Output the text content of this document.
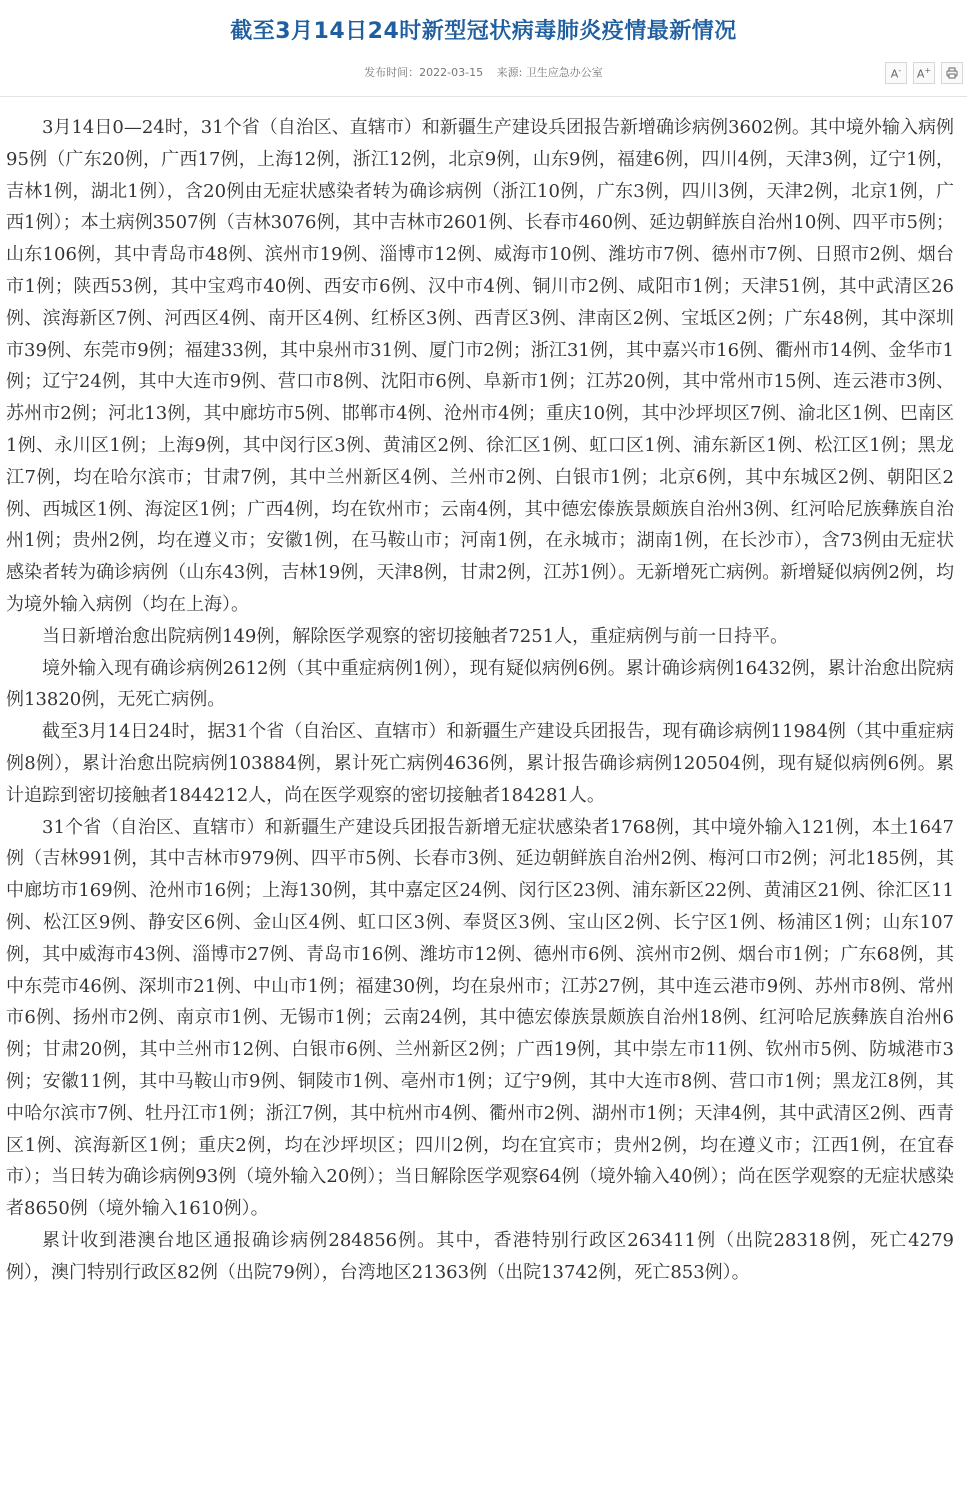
截至3月14日24时新型冠状病毒肺炎疫情最新情况
发布时间：2022-03-15 来源: 卫生应急办公室	A- A+

3月14日0—24时，31个省（自治区、直辖市）和新疆生产建设兵团报告新增确诊病例3602例。其中境外输入病例95例（广东20例，广西17例，上海12例，浙江12例，北京9例，山东9例，福建6例，四川4例，天津3例，辽宁1例，吉林1例，湖北1例），含20例由无症状感染者转为确诊病例（浙江10例，广东3例，四川3例，天津2例，北京1例，广西1例）；本土病例3507例（吉林3076例，其中吉林市2601例、长春市460例、延边朝鲜族自治州10例、四平市5例；山东106例，其中青岛市48例、滨州市19例、淄博市12例、威海市10例、潍坊市7例、德州市7例、日照市2例、烟台市1例；陕西53例，其中宝鸡市40例、西安市6例、汉中市4例、铜川市2例、咸阳市1例；天津51例，其中武清区26例、滨海新区7例、河西区4例、南开区4例、红桥区3例、西青区3例、津南区2例、宝坻区2例；广东48例，其中深圳市39例、东莞市9例；福建33例，其中泉州市31例、厦门市2例；浙江31例，其中嘉兴市16例、衢州市14例、金华市1例；辽宁24例，其中大连市9例、营口市8例、沈阳市6例、阜新市1例；江苏20例，其中常州市15例、连云港市3例、苏州市2例；河北13例，其中廊坊市5例、邯郸市4例、沧州市4例；重庆10例，其中沙坪坝区7例、渝北区1例、巴南区1例、永川区1例；上海9例，其中闵行区3例、黄浦区2例、徐汇区1例、虹口区1例、浦东新区1例、松江区1例；黑龙江7例，均在哈尔滨市；甘肃7例，其中兰州新区4例、兰州市2例、白银市1例；北京6例，其中东城区2例、朝阳区2例、西城区1例、海淀区1例；广西4例，均在钦州市；云南4例，其中德宏傣族景颇族自治州3例、红河哈尼族彝族自治州1例；贵州2例，均在遵义市；安徽1例，在马鞍山市；河南1例，在永城市；湖南1例，在长沙市），含73例由无症状感染者转为确诊病例（山东43例，吉林19例，天津8例，甘肃2例，江苏1例）。无新增死亡病例。新增疑似病例2例，均为境外输入病例（均在上海）。

当日新增治愈出院病例149例，解除医学观察的密切接触者7251人，重症病例与前一日持平。

境外输入现有确诊病例2612例（其中重症病例1例），现有疑似病例6例。累计确诊病例16432例，累计治愈出院病例13820例，无死亡病例。

截至3月14日24时，据31个省（自治区、直辖市）和新疆生产建设兵团报告，现有确诊病例11984例（其中重症病例8例），累计治愈出院病例103884例，累计死亡病例4636例，累计报告确诊病例120504例，现有疑似病例6例。累计追踪到密切接触者1844212人，尚在医学观察的密切接触者184281人。

31个省（自治区、直辖市）和新疆生产建设兵团报告新增无症状感染者1768例，其中境外输入121例，本土1647例（吉林991例，其中吉林市979例、四平市5例、长春市3例、延边朝鲜族自治州2例、梅河口市2例；河北185例，其中廊坊市169例、沧州市16例；上海130例，其中嘉定区24例、闵行区23例、浦东新区22例、黄浦区21例、徐汇区11例、松江区9例、静安区6例、金山区4例、虹口区3例、奉贤区3例、宝山区2例、长宁区1例、杨浦区1例；山东107例，其中威海市43例、淄博市27例、青岛市16例、潍坊市12例、德州市6例、滨州市2例、烟台市1例；广东68例，其中东莞市46例、深圳市21例、中山市1例；福建30例，均在泉州市；江苏27例，其中连云港市9例、苏州市8例、常州市6例、扬州市2例、南京市1例、无锡市1例；云南24例，其中德宏傣族景颇族自治州18例、红河哈尼族彝族自治州6例；甘肃20例，其中兰州市12例、白银市6例、兰州新区2例；广西19例，其中崇左市11例、钦州市5例、防城港市3例；安徽11例，其中马鞍山市9例、铜陵市1例、亳州市1例；辽宁9例，其中大连市8例、营口市1例；黑龙江8例，其中哈尔滨市7例、牡丹江市1例；浙江7例，其中杭州市4例、衢州市2例、湖州市1例；天津4例，其中武清区2例、西青区1例、滨海新区1例；重庆2例，均在沙坪坝区；四川2例，均在宜宾市；贵州2例，均在遵义市；江西1例，在宜春市）；当日转为确诊病例93例（境外输入20例）；当日解除医学观察64例（境外输入40例）；尚在医学观察的无症状感染者8650例（境外输入1610例）。

累计收到港澳台地区通报确诊病例284856例。其中，香港特别行政区263411例（出院28318例，死亡4279例），澳门特别行政区82例（出院79例），台湾地区21363例（出院13742例，死亡853例）。
